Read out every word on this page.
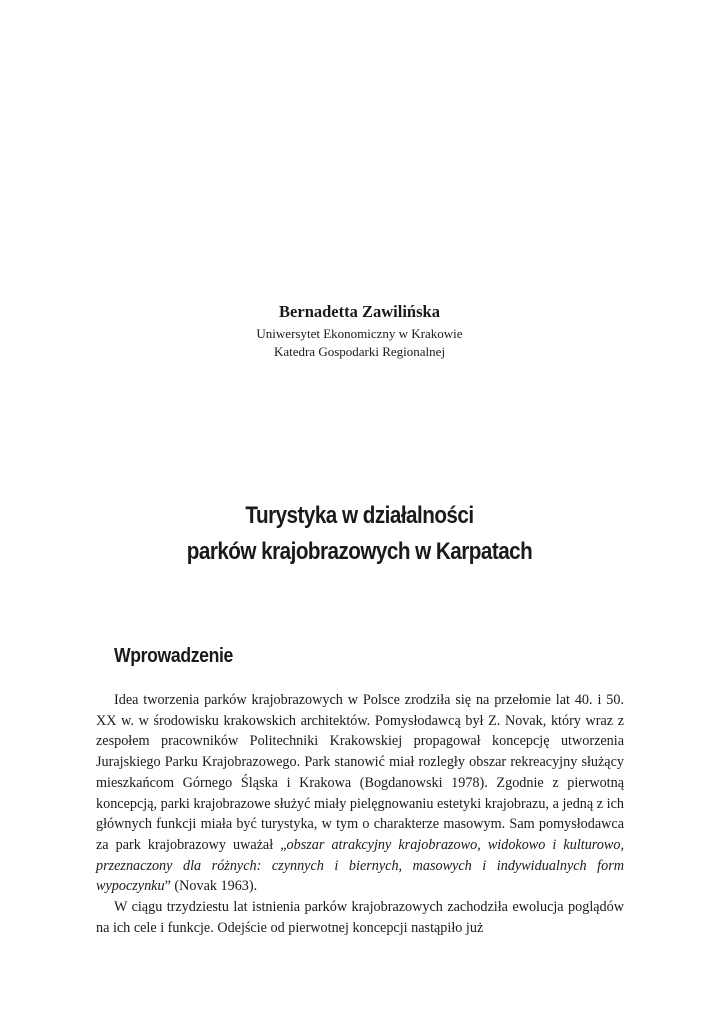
Bernadetta Zawilińska

Uniwersytet Ekonomiczny w Krakowie

Katedra Gospodarki Regionalnej

Turystyka w działalności
parków krajobrazowych w Karpatach
Wprowadzenie

Idea tworzenia parków krajobrazowych w Polsce zrodziła się na przełomie lat 40. i 50. XX w. w środowisku krakowskich architektów. Pomysłodawcą był Z. Novak, który wraz z zespołem pracowników Politechniki Krakowskiej propagował koncepcję utworzenia Jurajskiego Parku Krajobrazowego. Park stanowić miał rozległy obszar rekreacyjny służący mieszkańcom Górnego Śląska i Krakowa (Bogdanowski 1978). Zgodnie z pierwotną koncepcją, parki krajobrazowe służyć miały pielęgnowaniu estetyki krajobrazu, a jedną z ich głównych funkcji miała być turystyka, w tym o charakterze masowym. Sam pomysłodawca za park krajobrazowy uważał „obszar atrakcyjny krajobrazowo, widokowo i kulturowo, przeznaczony dla różnych: czynnych i biernych, masowych i indywidualnych form wypoczynku” (Novak 1963).

W ciągu trzydziestu lat istnienia parków krajobrazowych zachodziła ewolucja poglądów na ich cele i funkcje. Odejście od pierwotnej koncepcji nastąpiło już
